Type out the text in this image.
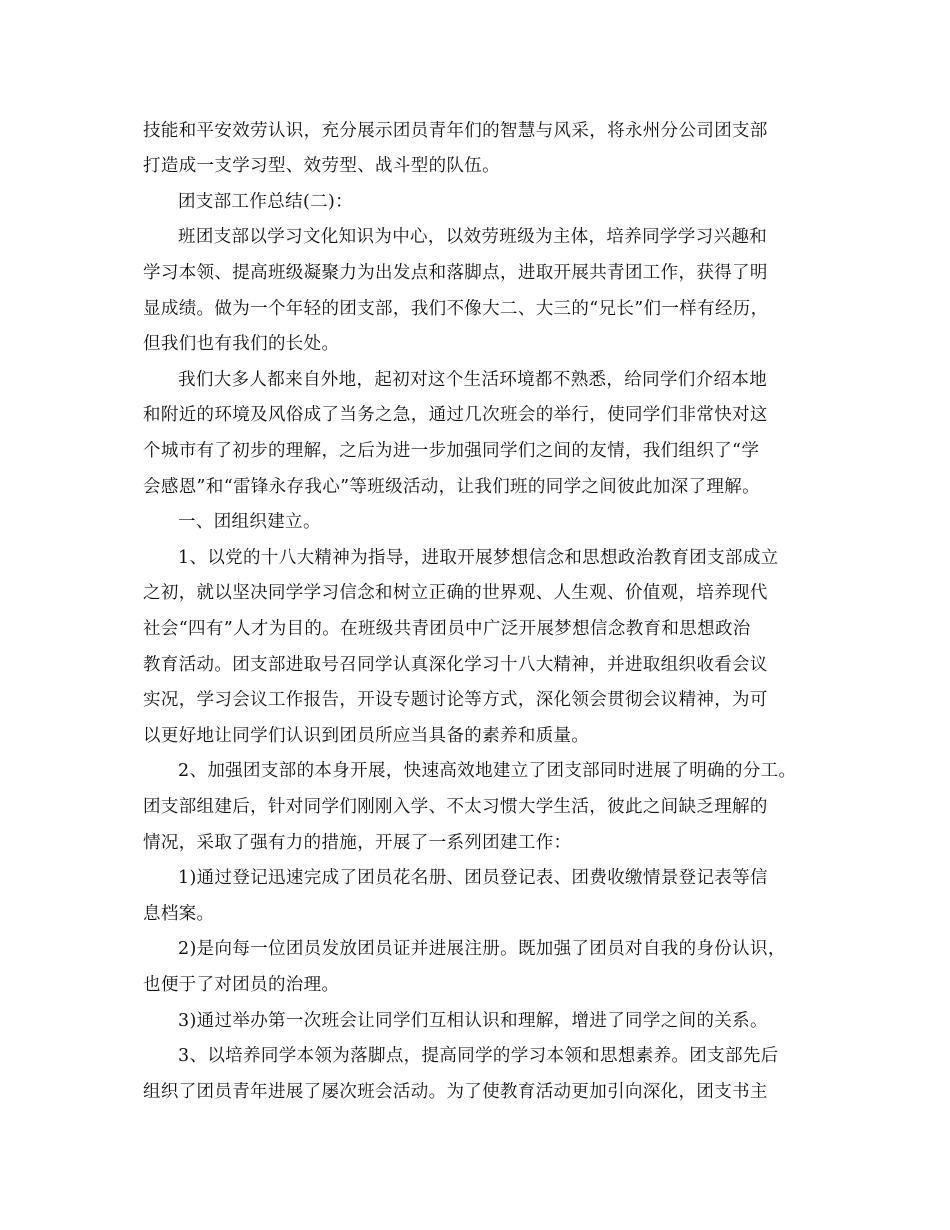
技能和平安效劳认识，充分展示团员青年们的智慧与风采，将永州分公司团支部
打造成一支学习型、效劳型、战斗型的队伍。
团支部工作总结(二)：
班团支部以学习文化知识为中心，以效劳班级为主体，培养同学学习兴趣和
学习本领、提高班级凝聚力为出发点和落脚点，进取开展共青团工作，获得了明
显成绩。做为一个年轻的团支部，我们不像大二、大三的“兄长”们一样有经历，
但我们也有我们的长处。
我们大多人都来自外地，起初对这个生活环境都不熟悉，给同学们介绍本地
和附近的环境及风俗成了当务之急，通过几次班会的举行，使同学们非常快对这
个城市有了初步的理解，之后为进一步加强同学们之间的友情，我们组织了“学
会感恩”和“雷锋永存我心”等班级活动，让我们班的同学之间彼此加深了理解。
一、团组织建立。
1、以党的十八大精神为指导，进取开展梦想信念和思想政治教育团支部成立
之初，就以坚决同学学习信念和树立正确的世界观、人生观、价值观，培养现代
社会“四有”人才为目的。在班级共青团员中广泛开展梦想信念教育和思想政治
教育活动。团支部进取号召同学认真深化学习十八大精神，并进取组织收看会议
实况，学习会议工作报告，开设专题讨论等方式，深化领会贯彻会议精神，为可
以更好地让同学们认识到团员所应当具备的素养和质量。
2、加强团支部的本身开展，快速高效地建立了团支部同时进展了明确的分工。
团支部组建后，针对同学们刚刚入学、不太习惯大学生活，彼此之间缺乏理解的
情况，采取了强有力的措施，开展了一系列团建工作：
1)通过登记迅速完成了团员花名册、团员登记表、团费收缴情景登记表等信
息档案。
2)是向每一位团员发放团员证并进展注册。既加强了团员对自我的身份认识，
也便于了对团员的治理。
3)通过举办第一次班会让同学们互相认识和理解，增进了同学之间的关系。
3、以培养同学本领为落脚点，提高同学的学习本领和思想素养。团支部先后
组织了团员青年进展了屡次班会活动。为了使教育活动更加引向深化，团支书主
